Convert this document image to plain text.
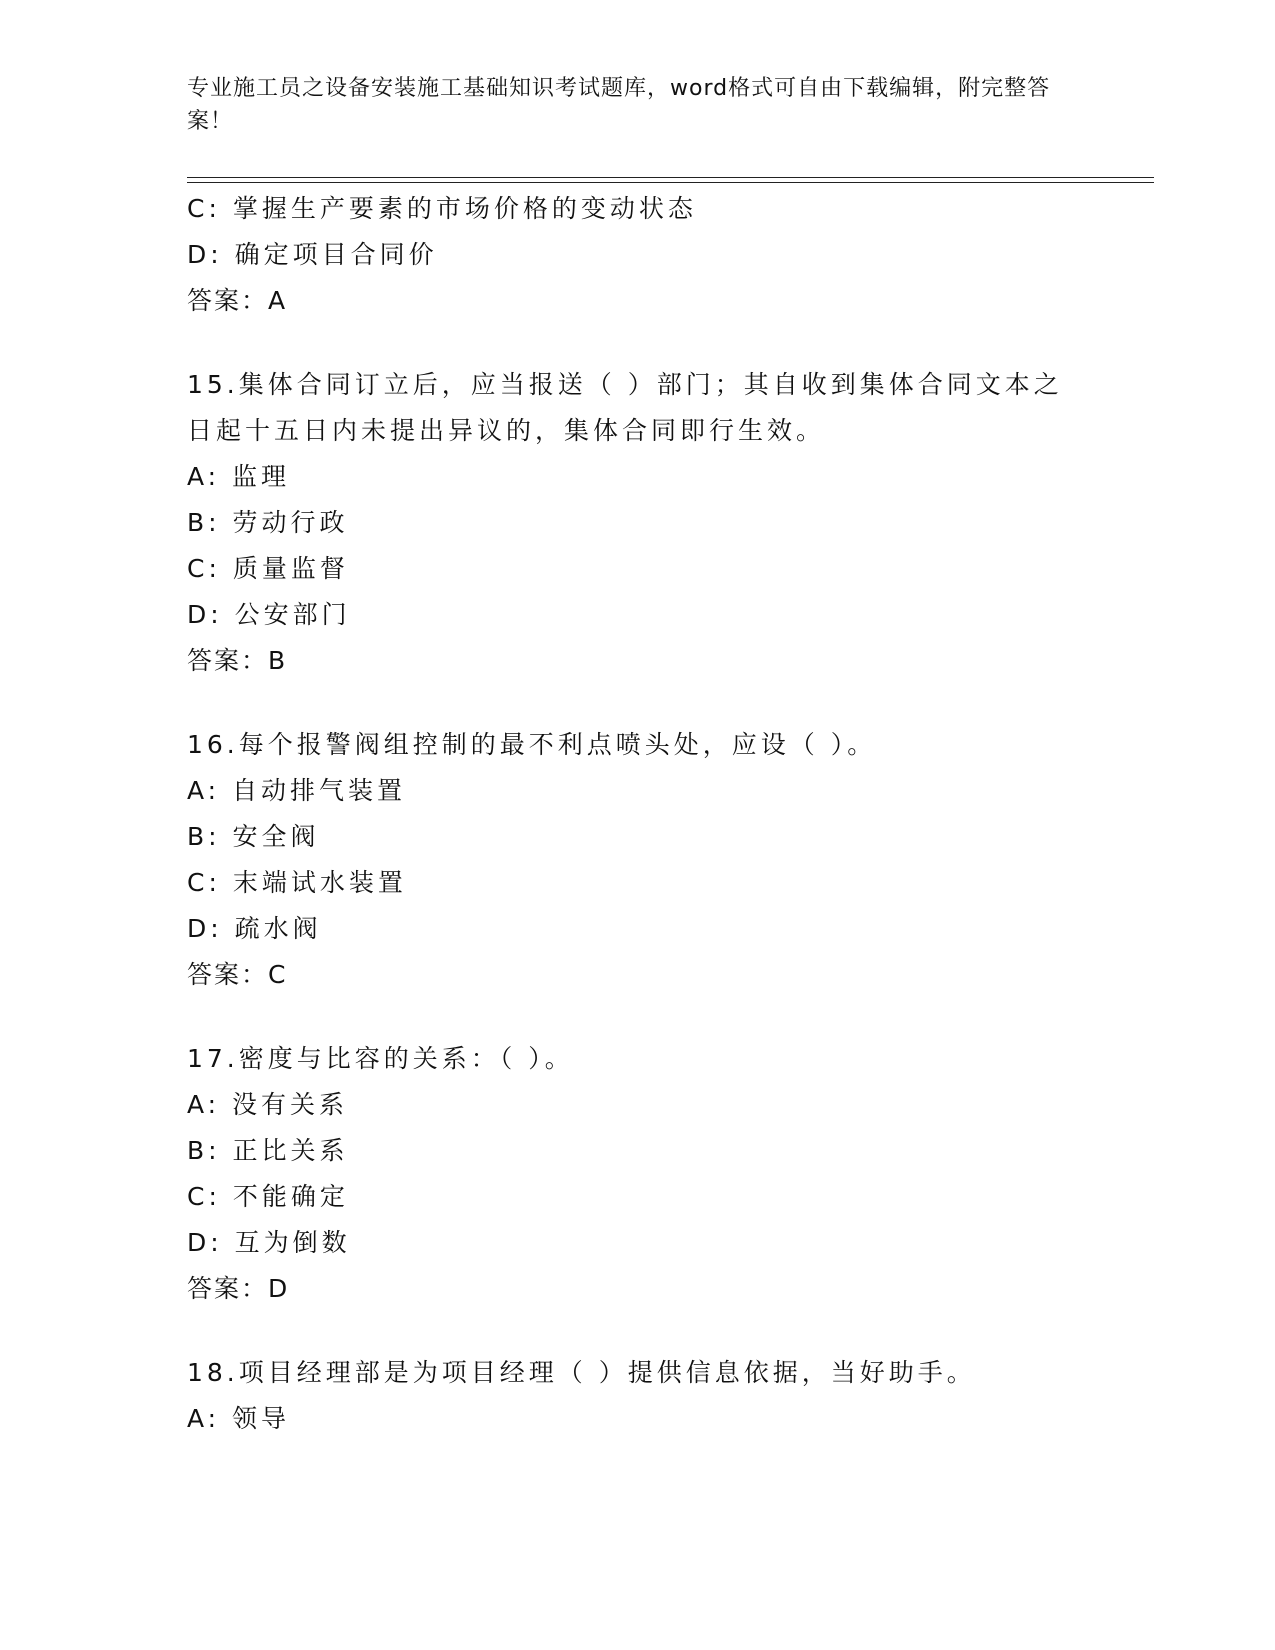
专业施工员之设备安装施工基础知识考试题库，word格式可自由下载编辑，附完整答案！
C: 掌握生产要素的市场价格的变动状态
D: 确定项目合同价
答案：A
15.集体合同订立后，应当报送（ ）部门；其自收到集体合同文本之日起十五日内未提出异议的，集体合同即行生效。
A: 监理
B: 劳动行政
C: 质量监督
D: 公安部门
答案：B
16.每个报警阀组控制的最不利点喷头处，应设（ ）。
A: 自动排气装置
B: 安全阀
C: 末端试水装置
D: 疏水阀
答案：C
17.密度与比容的关系：（ ）。
A: 没有关系
B: 正比关系
C: 不能确定
D: 互为倒数
答案：D
18.项目经理部是为项目经理（ ）提供信息依据，当好助手。
A: 领导
